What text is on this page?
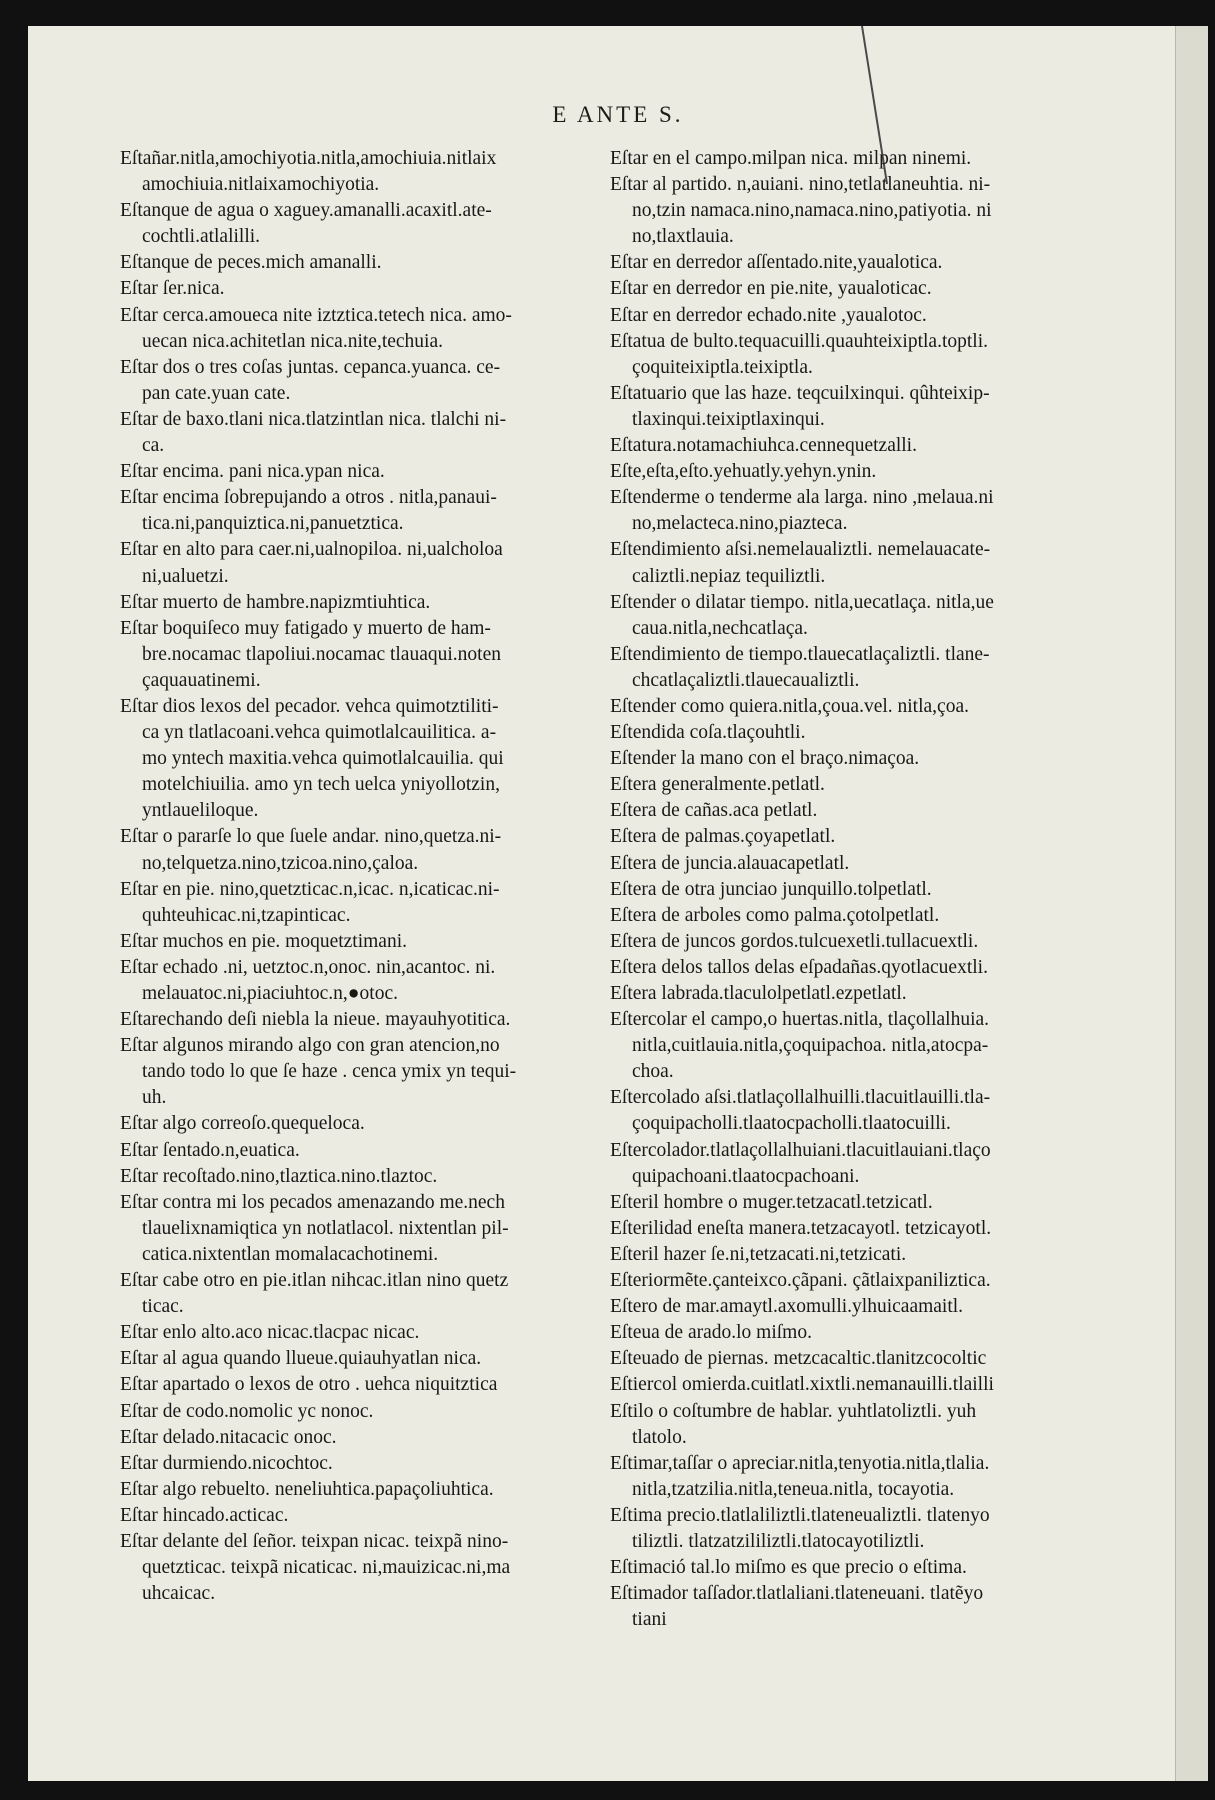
E ANTE S.
Eſtañar.nitla,amochiyotia.nitla,amochiuia.nitlaix
amochiuia.nitlaixamochiyotia.
Eſtanque de agua o xaguey.amanalli.acaxitl.ate-
cochtli.atlalilli.
Eſtanque de peces.mich amanalli.
Eſtar ſer.nica.
Eſtar cerca.amoueca nite iztztica.tetech nica. amo-
uecan nica.achitetlan nica.nite,techuia.
Eſtar dos o tres coſas juntas. cepanca.yuanca. ce-
pan cate.yuan cate.
Eſtar de baxo.tlani nica.tlatzintlan nica. tlalchi ni-
ca.
Eſtar encima. pani nica.ypan nica.
Eſtar encima ſobrepujando a otros . nitla,panaui-
tica.ni,panquiztica.ni,panuetztica.
Eſtar en alto para caer.ni,ualnopiloa. ni,ualcholoa
ni,ualuetzi.
Eſtar muerto de hambre.napizmtiuhtica.
Eſtar boquiſeco muy fatigado y muerto de ham-
bre.nocamac tlapoliui.nocamac tlauaqui.noten
çaquauatinemi.
Eſtar dios lexos del pecador. vehca quimotztiliti-
ca yn tlatlacoani.vehca quimotlalcauilitica. a-
mo yntech maxitia.vehca quimotlalcauilia. qui
motelchiuilia. amo yn tech uelca yniyollotzin,
yntlaueliloque.
Eſtar o pararſe lo que ſuele andar. nino,quetza.ni-
no,telquetza.nino,tzicoa.nino,çaloa.
Eſtar en pie. nino,quetzticac.n,icac. n,icaticac.ni-
quhteuhicac.ni,tzapinticac.
Eſtar muchos en pie. moquetztimani.
Eſtar echado .ni, uetztoc.n,onoc. nin,acantoc. ni.
melauatoc.ni,piaciuhtoc.n,●otoc.
Eſtarechando deſi niebla la nieue. mayauhyotitica.
Eſtar algunos mirando algo con gran atencion,no
tando todo lo que ſe haze . cenca ymix yn tequi-
uh.
Eſtar algo correoſo.quequeloca.
Eſtar ſentado.n,euatica.
Eſtar recoſtado.nino,tlaztica.nino.tlaztoc.
Eſtar contra mi los pecados amenazando me.nech
tlauelixnamiqtica yn notlatlacol. nixtentlan pil-
catica.nixtentlan momalacachotinemi.
Eſtar cabe otro en pie.itlan nihcac.itlan nino quetz
ticac.
Eſtar enlo alto.aco nicac.tlacpac nicac.
Eſtar al agua quando llueue.quiauhyatlan nica.
Eſtar apartado o lexos de otro . uehca niquitztica
Eſtar de codo.nomolic yc nonoc.
Eſtar delado.nitacacic onoc.
Eſtar durmiendo.nicochtoc.
Eſtar algo rebuelto. neneliuhtica.papaçoliuhtica.
Eſtar hincado.acticac.
Eſtar delante del ſeñor. teixpan nicac. teixpã nino-
quetzticac. teixpã nicaticac. ni,mauizicac.ni,ma
uhcaicac.
Eſtar en el campo.milpan nica. milpan ninemi.
Eſtar al partido. n,auiani. nino,tetlatlaneuhtia. ni-
no,tzin namaca.nino,namaca.nino,patiyotia. ni
no,tlaxtlauia.
Eſtar en derredor aſſentado.nite,yaualotica.
Eſtar en derredor en pie.nite, yaualoticac.
Eſtar en derredor echado.nite ,yaualotoc.
Eſtatua de bulto.tequacuilli.quauhteixiptla.toptli.
çoquiteixiptla.teixiptla.
Eſtatuario que las haze. teqcuilxinqui. qûhteixip-
tlaxinqui.teixiptlaxinqui.
Eſtatura.notamachiuhca.cennequetzalli.
Eſte,eſta,eſto.yehuatly.yehyn.ynin.
Eſtenderme o tenderme ala larga. nino ,melaua.ni
no,melacteca.nino,piazteca.
Eſtendimiento aſsi.nemelaualiztli. nemelauacate-
caliztli.nepiaz tequiliztli.
Eſtender o dilatar tiempo. nitla,uecatlaça. nitla,ue
caua.nitla,nechcatlaça.
Eſtendimiento de tiempo.tlauecatlaçaliztli. tlane-
chcatlaçaliztli.tlauecaualiztli.
Eſtender como quiera.nitla,çoua.vel. nitla,çoa.
Eſtendida coſa.tlaçouhtli.
Eſtender la mano con el braço.nimaçoa.
Eſtera generalmente.petlatl.
Eſtera de cañas.aca petlatl.
Eſtera de palmas.çoyapetlatl.
Eſtera de juncia.alauacapetlatl.
Eſtera de otra junciao junquillo.tolpetlatl.
Eſtera de arboles como palma.çotolpetlatl.
Eſtera de juncos gordos.tulcuexetli.tullacuextli.
Eſtera delos tallos delas eſpadañas.qyotlacuextli.
Eſtera labrada.tlaculolpetlatl.ezpetlatl.
Eſtercolar el campo,o huertas.nitla, tlaçollalhuia.
nitla,cuitlauia.nitla,çoquipachoa. nitla,atocpa-
choa.
Eſtercolado aſsi.tlatlaçollalhuilli.tlacuitlauilli.tla-
çoquipacholli.tlaatocpacholli.tlaatocuilli.
Eſtercolador.tlatlaçollalhuiani.tlacuitlauiani.tlaço
quipachoani.tlaatocpachoani.
Eſteril hombre o muger.tetzacatl.tetzicatl.
Eſterilidad eneſta manera.tetzacayotl. tetzicayotl.
Eſteril hazer ſe.ni,tetzacati.ni,tetzicati.
Eſteriormẽte.çanteixco.çãpani. çãtlaixpaniliztica.
Eſtero de mar.amaytl.axomulli.ylhuicaamaitl.
Eſteua de arado.lo miſmo.
Eſteuado de piernas. metzcacaltic.tlanitzcocoltic
Eſtiercol omierda.cuitlatl.xixtli.nemanauilli.tlailli
Eſtilo o coſtumbre de hablar. yuhtlatoliztli. yuh
tlatolo.
Eſtimar,taſſar o apreciar.nitla,tenyotia.nitla,tlalia.
nitla,tzatzilia.nitla,teneua.nitla, tocayotia.
Eſtima precio.tlatlaliliztli.tlateneualiztli. tlatenyo
tiliztli. tlatzatzililiztli.tlatocayotiliztli.
Eſtimació tal.lo miſmo es que precio o eſtima.
Eſtimador taſſador.tlatlaliani.tlateneuani. tlatẽyo
tiani
